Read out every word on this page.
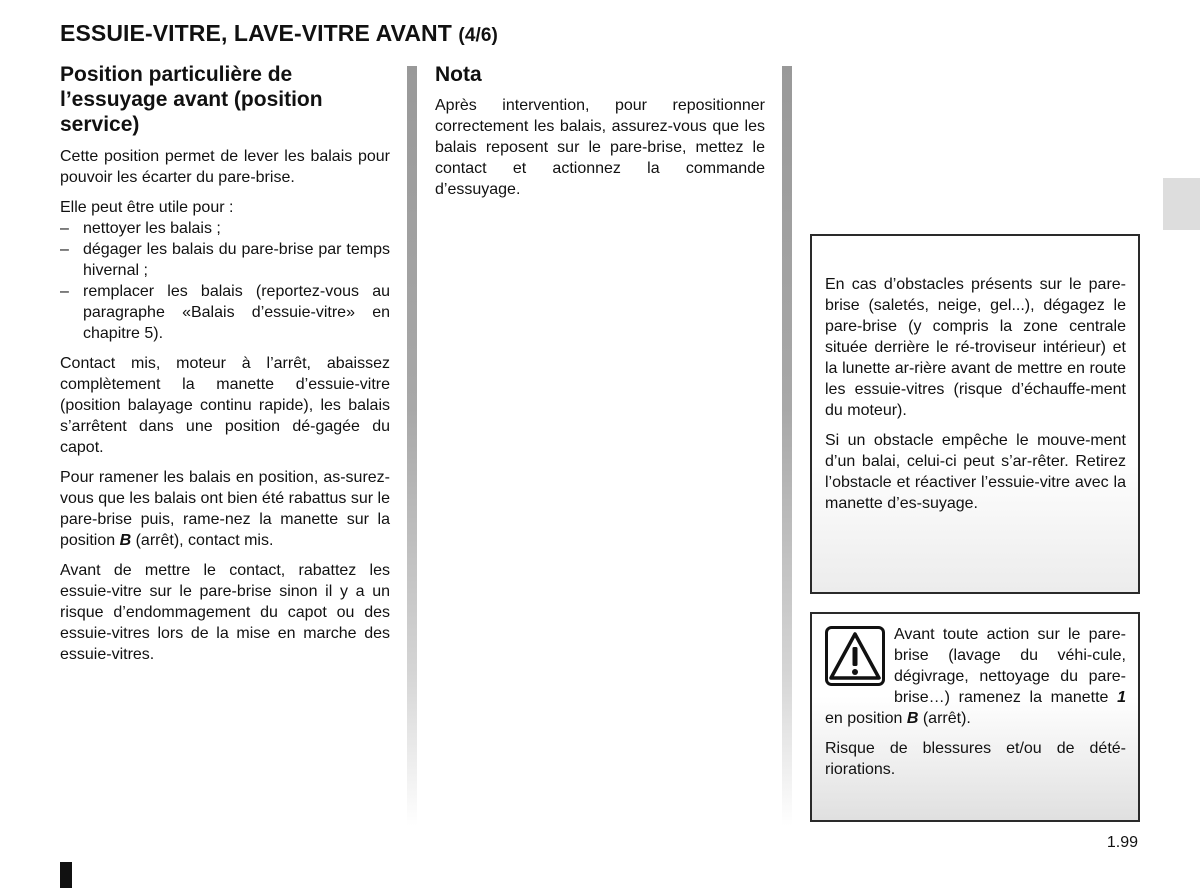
ESSUIE-VITRE, LAVE-VITRE AVANT (4/6)
Position particulière de l’essuyage avant (position service)

Cette position permet de lever les balais pour pouvoir les écarter du pare-brise.

Elle peut être utile pour :

– nettoyer les balais ;
– dégager les balais du pare-brise par temps hivernal ;
– remplacer les balais (reportez-vous au paragraphe «Balais d’essuie-vitre» en chapitre 5).

Contact mis, moteur à l’arrêt, abaissez complètement la manette d’essuie-vitre (position balayage continu rapide), les balais s’arrêtent dans une position dé-gagée du capot.

Pour ramener les balais en position, as-surez-vous que les balais ont bien été rabattus sur le pare-brise puis, rame-nez la manette sur la position B (arrêt), contact mis.

Avant de mettre le contact, rabattez les essuie-vitre sur le pare-brise sinon il y a un risque d’endommagement du capot ou des essuie-vitres lors de la mise en marche des essuie-vitres.

Nota

Après intervention, pour repositionner correctement les balais, assurez-vous que les balais reposent sur le pare-brise, mettez le contact et actionnez la commande d’essuyage.

En cas d’obstacles présents sur le pare-brise (saletés, neige, gel...), dégagez le pare-brise (y compris la zone centrale située derrière le ré-troviseur intérieur) et la lunette ar-rière avant de mettre en route les essuie-vitres (risque d’échauffe-ment du moteur).

Si un obstacle empêche le mouve-ment d’un balai, celui-ci peut s’ar-rêter. Retirez l’obstacle et réactiver l’essuie-vitre avec la manette d’es-suyage.

Avant toute action sur le pare-brise (lavage du véhi-cule, dégivrage, nettoyage du pare-brise…) ramenez la manette 1 en position B (arrêt).

Risque de blessures et/ou de dété-riorations.

1.99
